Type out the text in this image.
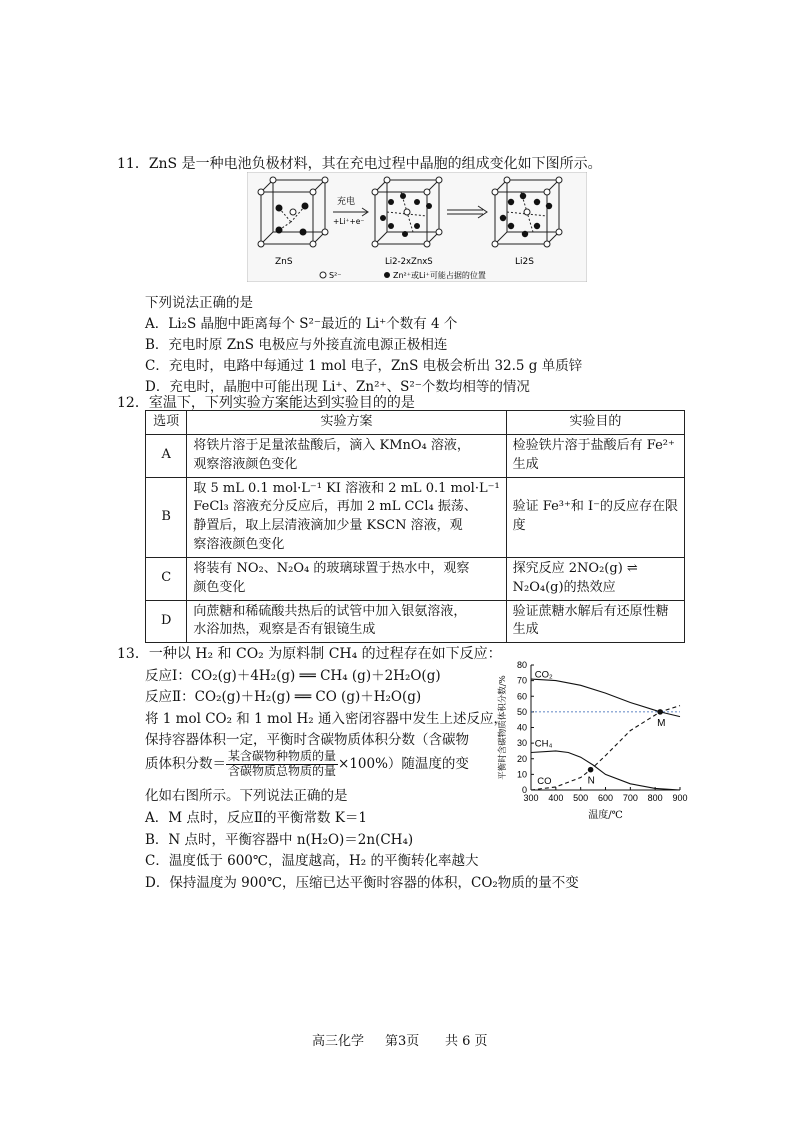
11．ZnS 是一种电池负极材料，其在充电过程中晶胞的组成变化如下图所示。
充电
+Li⁺+e⁻
ZnS	Li2-2xZnxS	Li2S
S²⁻	Zn²⁺或Li⁺可能占据的位置
下列说法正确的是
A．Li₂S 晶胞中距离每个 S²⁻最近的 Li⁺个数有 4 个
B．充电时原 ZnS 电极应与外接直流电源正极相连
C．充电时，电路中每通过 1 mol 电子，ZnS 电极会析出 32.5 g 单质锌
D．充电时，晶胞中可能出现 Li⁺、Zn²⁺、S²⁻个数均相等的情况
12．室温下，下列实验方案能达到实验目的的是
选项	实验方案	实验目的
A	将铁片溶于足量浓盐酸后，滴入 KMnO₄ 溶液，
观察溶液颜色变化	检验铁片溶于盐酸后有 Fe²⁺
生成

B	取 5 mL 0.1 mol·L⁻¹ KI 溶液和 2 mL 0.1 mol·L⁻¹
FeCl₃ 溶液充分反应后，再加 2 mL CCl₄ 振荡、
静置后，取上层清液滴加少量 KSCN 溶液，观
察溶液颜色变化	验证 Fe³⁺和 I⁻的反应存在限
度

C	将装有 NO₂、N₂O₄ 的玻璃球置于热水中，观察
颜色变化	探究反应 2NO₂(g) ⇌
N₂O₄(g)的热效应

D	向蔗糖和稀硫酸共热后的试管中加入银氨溶液，
水浴加热，观察是否有银镜生成	验证蔗糖水解后有还原性糖
生成
13．一种以 H₂ 和 CO₂ 为原料制 CH₄ 的过程存在如下反应：
反应Ⅰ：CO₂(g)＋4H₂(g) ══ CH₄ (g)＋2H₂O(g)
反应Ⅱ：CO₂(g)＋H₂(g) ══ CO (g)＋H₂O(g)
将 1 mol CO₂ 和 1 mol H₂ 通入密闭容器中发生上述反应，
保持容器体积一定，平衡时含碳物质体积分数（含碳物
质体积分数＝ $\frac{\text{某含碳物种物质的量}}{\text{含碳物质总物质的量}} \times 100\%$）随温度的变
化如右图所示。下列说法正确的是
A．M 点时，反应Ⅱ的平衡常数 K＝1
B．N 点时，平衡容器中 n(H₂O)＝2n(CH₄)
C．温度低于 600℃，温度越高，H₂ 的平衡转化率越大
D．保持温度为 900℃，压缩已达平衡时容器的体积，CO₂物质的量不变
300 400 500 600 700 800 900
0
10
20
30
40
50
60
70
80
CO₂
CH₄
CO
M
N
温度/℃
平衡时含碳物质体积分数/%
高三化学 第3页 共 6 页
